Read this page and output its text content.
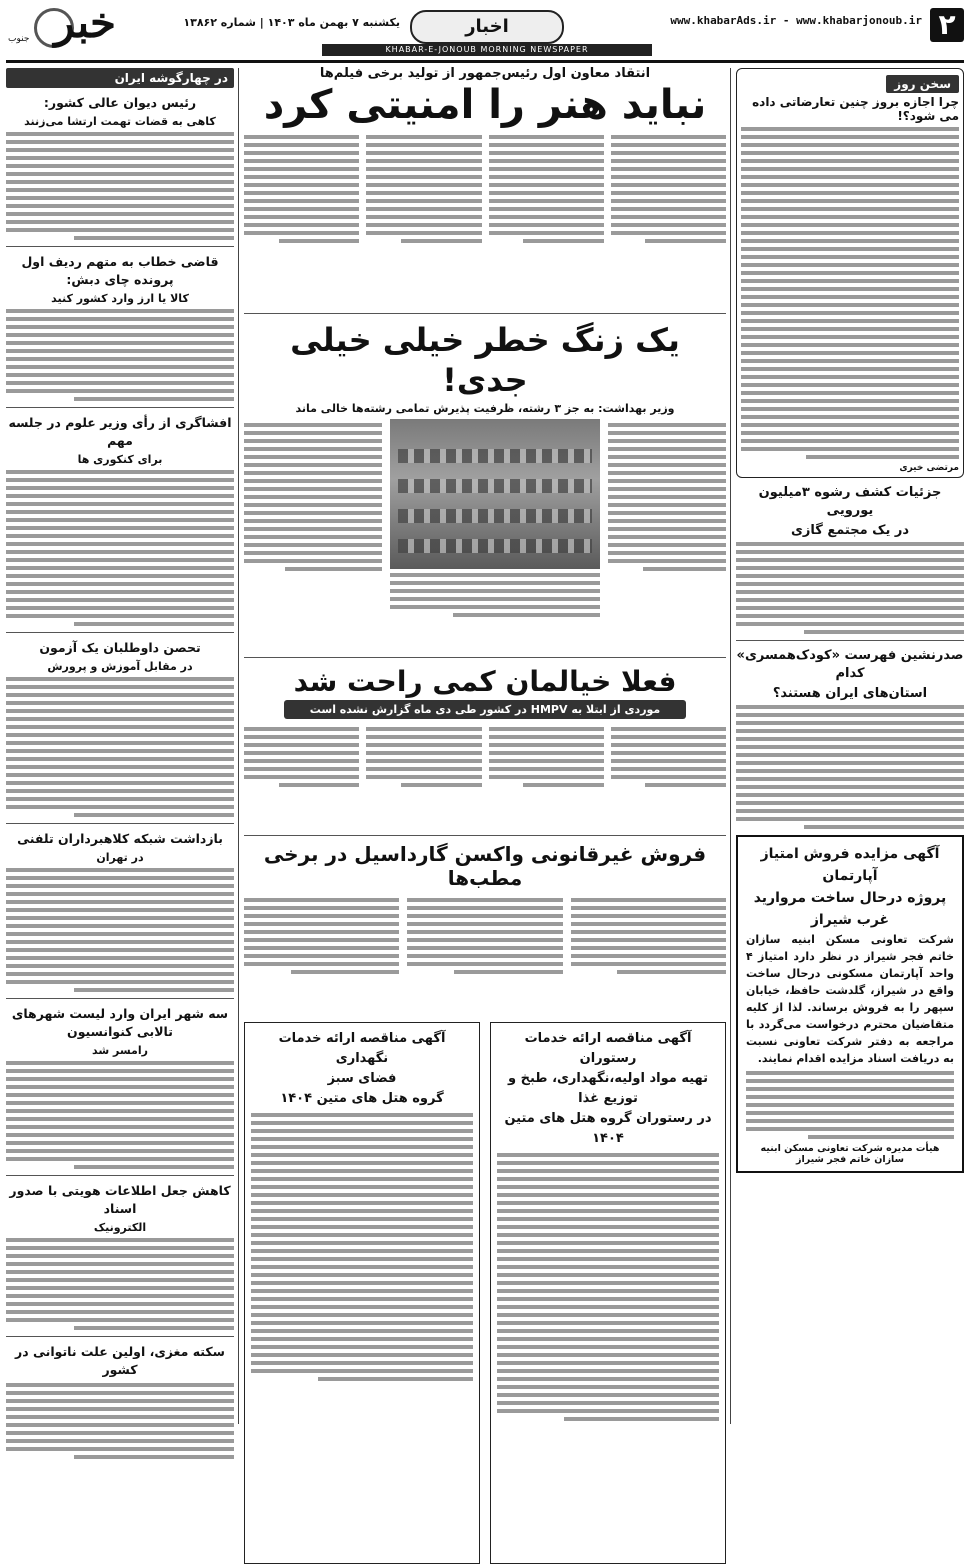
۲
www.khabarAds.ir - www.khabarjonoub.ir
اخبار
KHABAR-E-JONOUB MORNING NEWSPAPER
یکشنبه ۷ بهمن ماه ۱۴۰۳ | شماره ۱۳۸۶۲
خبر
جنوب
در چهارگوشه ایران
رئیس دیوان عالی کشور:
کاهی به قضات تهمت ارتشا می‌زنند
قاضی خطاب به متهم ردیف اول پرونده چای دبش:
کالا یا ارز وارد کشور کنید
افشاگری از رأی وزیر علوم در جلسه مهم
برای کنکوری ها
تحصن داوطلبان یک آزمون
در مقابل آموزش و پرورش
بازداشت شبکه کلاهبرداران تلفنی
در تهران
سه شهر ایران وارد لیست شهرهای تالابی کنوانسیون
رامسر شد
کاهش جعل اطلاعات هویتی با صدور اسناد
الکترونیک
سکته مغزی، اولین علت ناتوانی در کشور
انتقاد معاون اول رئیس‌جمهور از تولید برخی فیلم‌ها
نباید هنر را امنیتی کرد
یک زنگ خطر خیلی خیلی جدی!
وزیر بهداشت: به جز ۳ رشته، ظرفیت پذیرش تمامی رشته‌ها خالی ماند
فعلا خیالمان کمی راحت شد
موردی از ابتلا به HMPV در کشور طی دی ماه گزارش نشده است
فروش غیرقانونی واکسن گارداسیل در برخی مطب‌ها
آگهی مناقصه ارائه خدمات رستوران
تهیه مواد اولیه،نگهداری، طبخ و توزیع غذا
در رستوران گروه هتل های متین ۱۴۰۴
آگهی مناقصه ارائه خدمات نگهداری
فضای سبز
گروه هتل های متین ۱۴۰۴
سخن روز
چرا اجازه بروز چنین تعارضاتی داده می شود؟!
مرتضی خیری
جزئیات کشف رشوه ۳میلیون یورویی
در یک مجتمع گازی
صدرنشین فهرست «کودک‌همسری» کدام
استان‌های ایران هستند؟
آگهی مزایده فروش امتیاز آپارتمان
پروژه درحال ساخت مروارید غرب شیراز
شرکت تعاونی مسکن ابنیه سازان خاتم فجر شیراز در نظر دارد امتیاز ۴ واحد آپارتمان مسکونی درحال ساخت واقع در شیراز، گلدشت حافظ، خیابان سپهر را به فروش برساند. لذا از کلیه متقاضیان محترم درخواست می‌گردد با مراجعه به دفتر شرکت تعاونی نسبت به دریافت اسناد مزایده اقدام نمایند.
هیأت مدیره شرکت تعاونی مسکن ابنیه سازان خاتم فجر شیراز
